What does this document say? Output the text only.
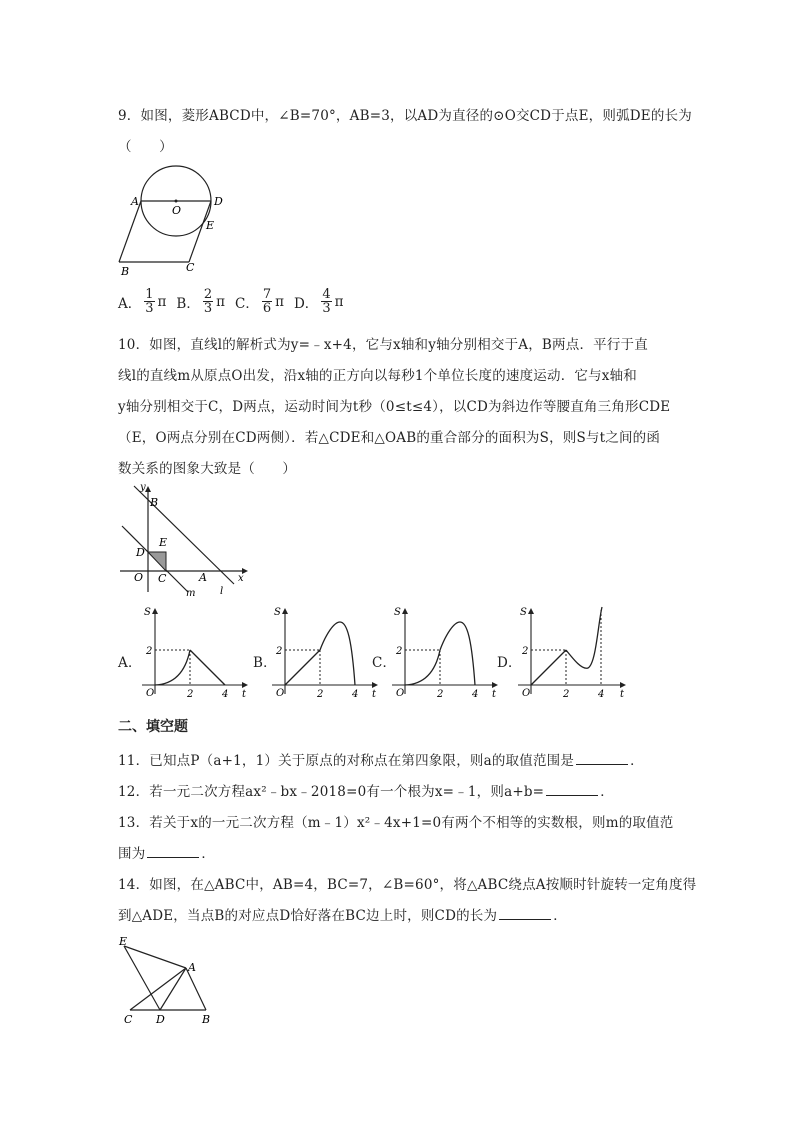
9．如图，菱形ABCD中，∠B=70°，AB=3，以AD为直径的⊙O交CD于点E，则弧DE的长为
（　　）
A
O
D
E
B	C
A． $\frac{1}{3}$ π B． $\frac{2}{3}$ π C． $\frac{7}{6}$ π D． $\frac{4}{3}$ π
10．如图，直线l的解析式为y=﹣x+4，它与x轴和y轴分别相交于A，B两点．平行于直
线l的直线m从原点O出发，沿x轴的正方向以每秒1个单位长度的速度运动．它与x轴和
y轴分别相交于C，D两点，运动时间为t秒（0≤t≤4），以CD为斜边作等腰直角三角形CDE
（E，O两点分别在CD两侧）．若△CDE和△OAB的重合部分的面积为S，则S与t之间的函
数关系的图象大致是（　　）
y
B
E
D
O C	A	x
m l
A．
S
2
O	2	4 t
B．
S
2
O	2	4 t
C．
S
2
O	2	4 t
D．
S
2
O	2	4 t
二、填空题
11．已知点P（a+1，1）关于原点的对称点在第四象限，则a的取值范围是	．
12．若一元二次方程ax²﹣bx﹣2018=0有一个根为x=﹣1，则a+b=	．
13．若关于x的一元二次方程（m﹣1）x²﹣4x+1=0有两个不相等的实数根，则m的取值范
围为	．
14．如图，在△ABC中，AB=4，BC=7，∠B=60°，将△ABC绕点A按顺时针旋转一定角度得
到△ADE，当点B的对应点D恰好落在BC边上时，则CD的长为	．
E
A
C D	B
